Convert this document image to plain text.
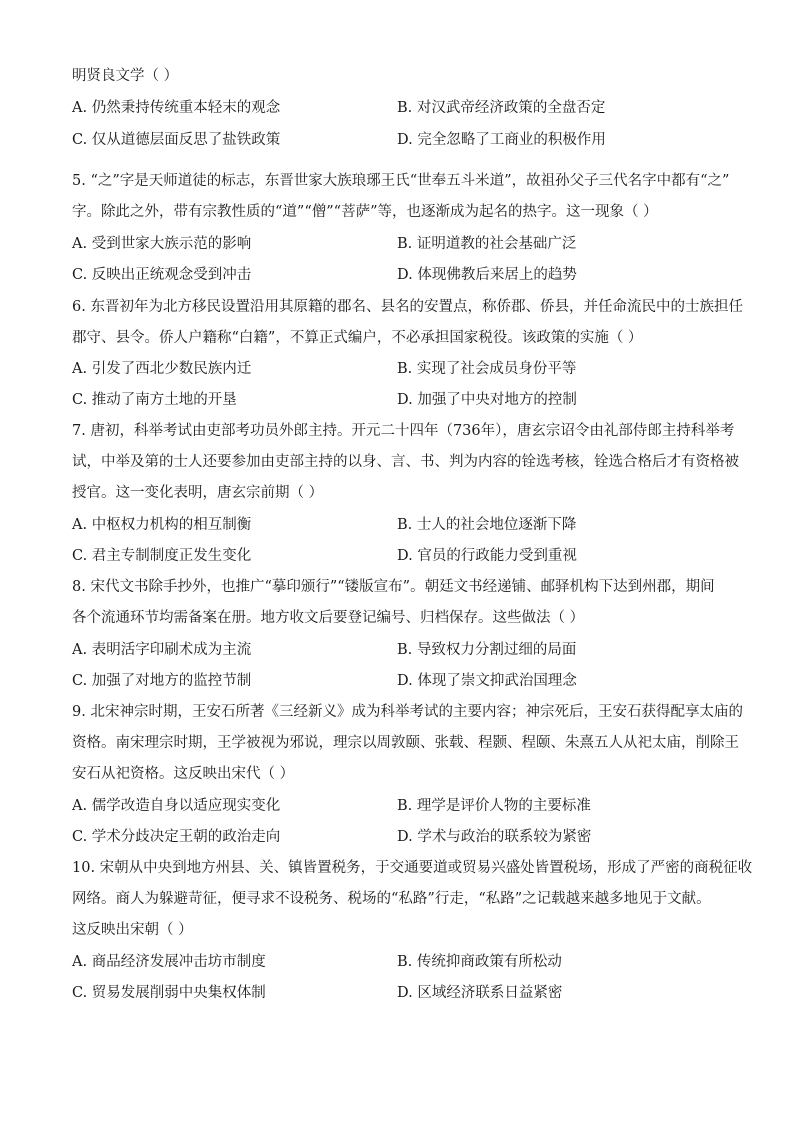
明贤良文学（ ）
A. 仍然秉持传统重本轻末的观念	B. 对汉武帝经济政策的全盘否定
C. 仅从道德层面反思了盐铁政策	D. 完全忽略了工商业的积极作用
5. “之”字是天师道徒的标志，东晋世家大族琅琊王氏“世奉五斗米道”，故祖孙父子三代名字中都有“之”
字。除此之外，带有宗教性质的“道”“僧”“菩萨”等，也逐渐成为起名的热字。这一现象（ ）
A. 受到世家大族示范的影响	B. 证明道教的社会基础广泛
C. 反映出正统观念受到冲击	D. 体现佛教后来居上的趋势
6. 东晋初年为北方移民设置沿用其原籍的郡名、县名的安置点，称侨郡、侨县，并任命流民中的士族担任
郡守、县令。侨人户籍称“白籍”，不算正式编户，不必承担国家税役。该政策的实施（ ）
A. 引发了西北少数民族内迁	B. 实现了社会成员身份平等
C. 推动了南方土地的开垦	D. 加强了中央对地方的控制
7. 唐初，科举考试由吏部考功员外郎主持。开元二十四年（736年），唐玄宗诏令由礼部侍郎主持科举考
试，中举及第的士人还要参加由吏部主持的以身、言、书、判为内容的铨选考核，铨选合格后才有资格被
授官。这一变化表明，唐玄宗前期（ ）
A. 中枢权力机构的相互制衡	B. 士人的社会地位逐渐下降
C. 君主专制制度正发生变化	D. 官员的行政能力受到重视
8. 宋代文书除手抄外，也推广“摹印颁行”“镂版宣布”。朝廷文书经递铺、邮驿机构下达到州郡，期间
各个流通环节均需备案在册。地方收文后要登记编号、归档保存。这些做法（ ）
A. 表明活字印刷术成为主流	B. 导致权力分割过细的局面
C. 加强了对地方的监控节制	D. 体现了崇文抑武治国理念
9. 北宋神宗时期，王安石所著《三经新义》成为科举考试的主要内容；神宗死后，王安石获得配享太庙的
资格。南宋理宗时期，王学被视为邪说，理宗以周敦颐、张载、程颢、程颐、朱熹五人从祀太庙，削除王
安石从祀资格。这反映出宋代（ ）
A. 儒学改造自身以适应现实变化	B. 理学是评价人物的主要标准
C. 学术分歧决定王朝的政治走向	D. 学术与政治的联系较为紧密
10. 宋朝从中央到地方州县、关、镇皆置税务，于交通要道或贸易兴盛处皆置税场，形成了严密的商税征收
网络。商人为躲避苛征，便寻求不设税务、税场的“私路”行走，“私路”之记载越来越多地见于文献。
这反映出宋朝（ ）
A. 商品经济发展冲击坊市制度	B. 传统抑商政策有所松动
C. 贸易发展削弱中央集权体制	D. 区域经济联系日益紧密
